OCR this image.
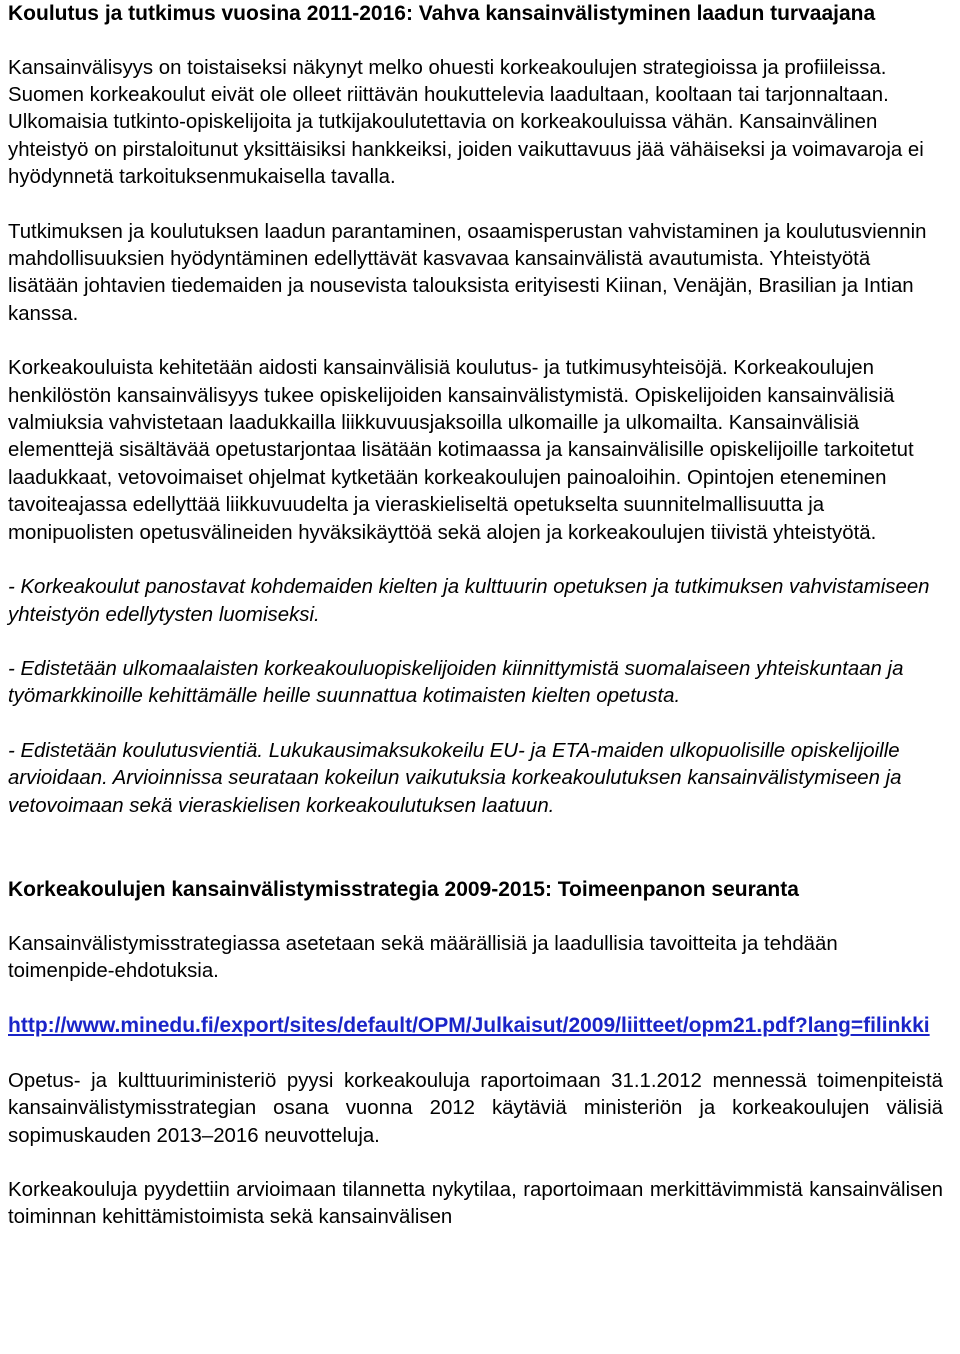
Koulutus ja tutkimus vuosina 2011-2016: Vahva kansainvälistyminen laadun turvaajana

Kansainvälisyys on toistaiseksi näkynyt melko ohuesti korkeakoulujen strategioissa ja profiileissa. Suomen korkeakoulut eivät ole olleet riittävän houkuttelevia laadultaan, kooltaan tai tarjonnaltaan. Ulkomaisia tutkinto-opiskelijoita ja tutkijakoulutettavia on korkeakouluissa vähän. Kansainvälinen yhteistyö on pirstaloitunut yksittäisiksi hankkeiksi, joiden vaikuttavuus jää vähäiseksi ja voimavaroja ei hyödynnetä tarkoituksenmukaisella tavalla.

Tutkimuksen ja koulutuksen laadun parantaminen, osaamisperustan vahvistaminen ja koulutusviennin mahdollisuuksien hyödyntäminen edellyttävät kasvavaa kansainvälistä avautumista. Yhteistyötä lisätään johtavien tiedemaiden ja nousevista talouksista erityisesti Kiinan, Venäjän, Brasilian ja Intian kanssa.

Korkeakouluista kehitetään aidosti kansainvälisiä koulutus- ja tutkimusyhteisöjä. Korkeakoulujen henkilöstön kansainvälisyys tukee opiskelijoiden kansainvälistymistä. Opiskelijoiden kansainvälisiä valmiuksia vahvistetaan laadukkailla liikkuvuusjaksoilla ulkomaille ja ulkomailta. Kansainvälisiä elementtejä sisältävää opetustarjontaa lisätään kotimaassa ja kansainvälisille opiskelijoille tarkoitetut laadukkaat, vetovoimaiset ohjelmat kytketään korkeakoulujen painoaloihin. Opintojen eteneminen tavoiteajassa edellyttää liikkuvuudelta ja vieraskieliseltä opetukselta suunnitelmallisuutta ja monipuolisten opetusvälineiden hyväksikäyttöä sekä alojen ja korkeakoulujen tiivistä yhteistyötä.

- Korkeakoulut panostavat kohdemaiden kielten ja kulttuurin opetuksen ja tutkimuksen vahvistamiseen yhteistyön edellytysten luomiseksi.

- Edistetään ulkomaalaisten korkeakouluopiskelijoiden kiinnittymistä suomalaiseen yhteiskuntaan ja työmarkkinoille kehittämälle heille suunnattua kotimaisten kielten opetusta.

- Edistetään koulutusvientiä. Lukukausimaksukokeilu EU- ja ETA-maiden ulkopuolisille opiskelijoille arvioidaan. Arvioinnissa seurataan kokeilun vaikutuksia korkeakoulutuksen kansainvälistymiseen ja vetovoimaan sekä vieraskielisen korkeakoulutuksen laatuun.

Korkeakoulujen kansainvälistymisstrategia 2009-2015: Toimeenpanon seuranta

Kansainvälistymisstrategiassa asetetaan sekä määrällisiä ja laadullisia tavoitteita ja tehdään toimenpide-ehdotuksia.

http://www.minedu.fi/export/sites/default/OPM/Julkaisut/2009/liitteet/opm21.pdf?lang=filinkki

Opetus- ja kulttuuriministeriö pyysi korkeakouluja raportoimaan 31.1.2012 mennessä toimenpiteistä kansainvälistymisstrategian osana vuonna 2012 käytäviä ministeriön ja korkeakoulujen välisiä sopimuskauden 2013–2016 neuvotteluja.

Korkeakouluja pyydettiin arvioimaan tilannetta nykytilaa, raportoimaan merkittävimmistä kansainvälisen toiminnan kehittämistoimista sekä kansainvälisen
